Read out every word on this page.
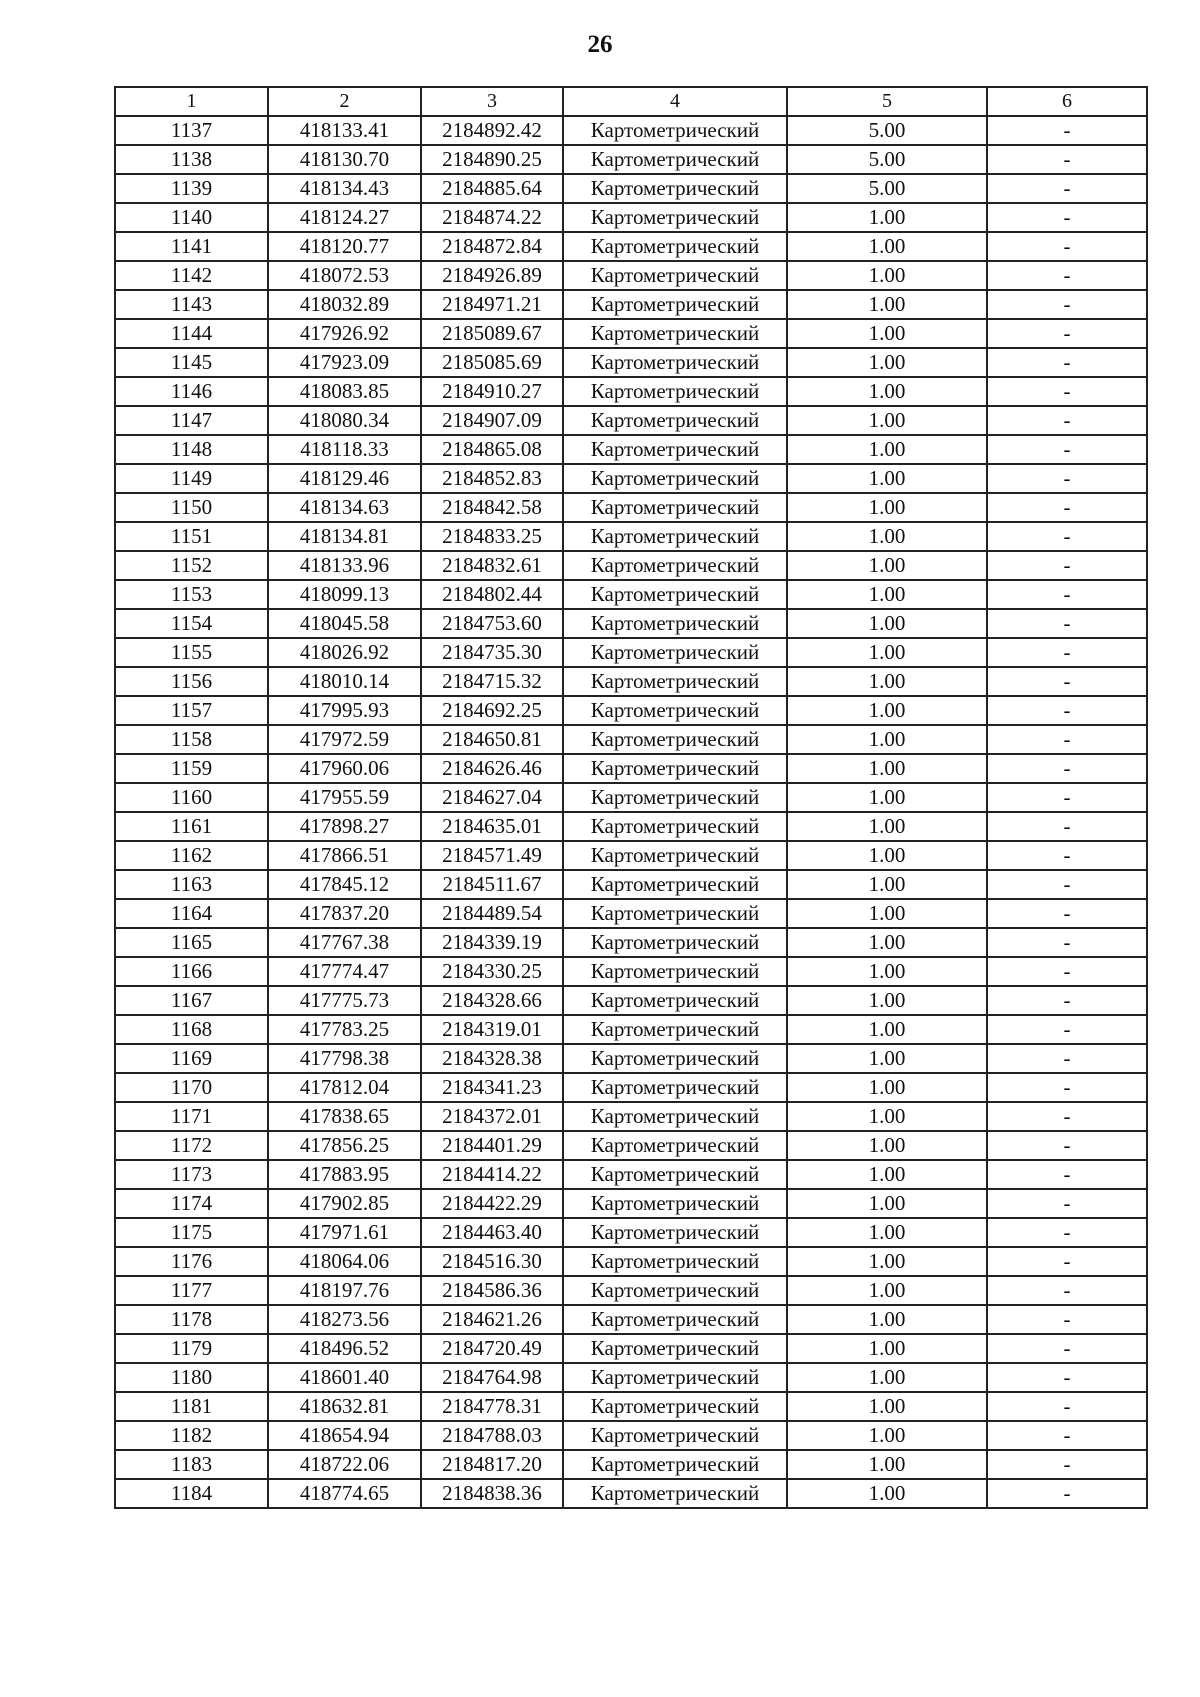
26
1	2	3	4	5	6
1137	418133.41	2184892.42	Картометрический	5.00	-
1138	418130.70	2184890.25	Картометрический	5.00	-
1139	418134.43	2184885.64	Картометрический	5.00	-
1140	418124.27	2184874.22	Картометрический	1.00	-
1141	418120.77	2184872.84	Картометрический	1.00	-
1142	418072.53	2184926.89	Картометрический	1.00	-
1143	418032.89	2184971.21	Картометрический	1.00	-
1144	417926.92	2185089.67	Картометрический	1.00	-
1145	417923.09	2185085.69	Картометрический	1.00	-
1146	418083.85	2184910.27	Картометрический	1.00	-
1147	418080.34	2184907.09	Картометрический	1.00	-
1148	418118.33	2184865.08	Картометрический	1.00	-
1149	418129.46	2184852.83	Картометрический	1.00	-
1150	418134.63	2184842.58	Картометрический	1.00	-
1151	418134.81	2184833.25	Картометрический	1.00	-
1152	418133.96	2184832.61	Картометрический	1.00	-
1153	418099.13	2184802.44	Картометрический	1.00	-
1154	418045.58	2184753.60	Картометрический	1.00	-
1155	418026.92	2184735.30	Картометрический	1.00	-
1156	418010.14	2184715.32	Картометрический	1.00	-
1157	417995.93	2184692.25	Картометрический	1.00	-
1158	417972.59	2184650.81	Картометрический	1.00	-
1159	417960.06	2184626.46	Картометрический	1.00	-
1160	417955.59	2184627.04	Картометрический	1.00	-
1161	417898.27	2184635.01	Картометрический	1.00	-
1162	417866.51	2184571.49	Картометрический	1.00	-
1163	417845.12	2184511.67	Картометрический	1.00	-
1164	417837.20	2184489.54	Картометрический	1.00	-
1165	417767.38	2184339.19	Картометрический	1.00	-
1166	417774.47	2184330.25	Картометрический	1.00	-
1167	417775.73	2184328.66	Картометрический	1.00	-
1168	417783.25	2184319.01	Картометрический	1.00	-
1169	417798.38	2184328.38	Картометрический	1.00	-
1170	417812.04	2184341.23	Картометрический	1.00	-
1171	417838.65	2184372.01	Картометрический	1.00	-
1172	417856.25	2184401.29	Картометрический	1.00	-
1173	417883.95	2184414.22	Картометрический	1.00	-
1174	417902.85	2184422.29	Картометрический	1.00	-
1175	417971.61	2184463.40	Картометрический	1.00	-
1176	418064.06	2184516.30	Картометрический	1.00	-
1177	418197.76	2184586.36	Картометрический	1.00	-
1178	418273.56	2184621.26	Картометрический	1.00	-
1179	418496.52	2184720.49	Картометрический	1.00	-
1180	418601.40	2184764.98	Картометрический	1.00	-
1181	418632.81	2184778.31	Картометрический	1.00	-
1182	418654.94	2184788.03	Картометрический	1.00	-
1183	418722.06	2184817.20	Картометрический	1.00	-
1184	418774.65	2184838.36	Картометрический	1.00	-
